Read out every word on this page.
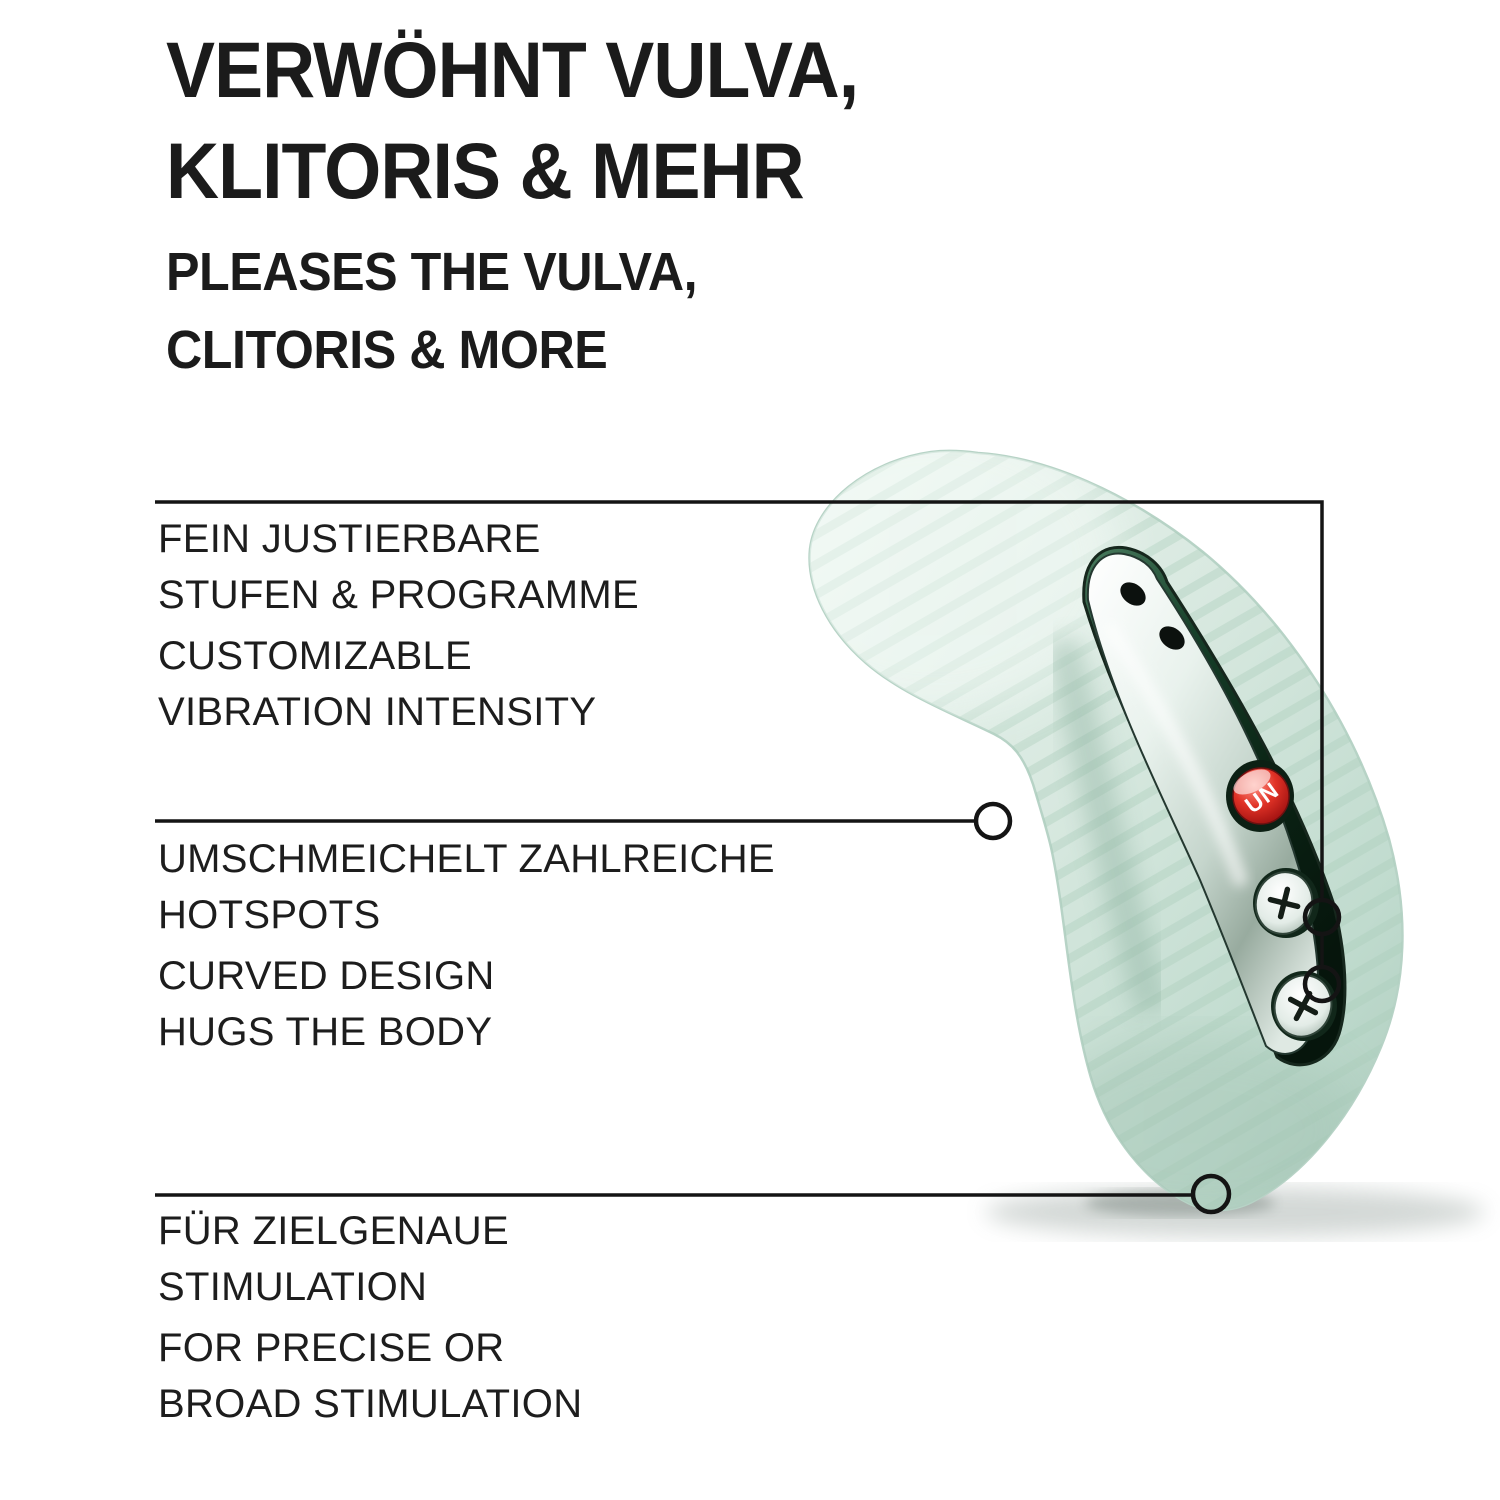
UN
VERWÖHNT VULVA,
KLITORIS & MEHR
PLEASES THE VULVA,
CLITORIS & MORE
FEIN JUSTIERBARE
STUFEN & PROGRAMME
CUSTOMIZABLE
VIBRATION INTENSITY
UMSCHMEICHELT ZAHLREICHE
HOTSPOTS
CURVED DESIGN
HUGS THE BODY
FÜR ZIELGENAUE
STIMULATION
FOR PRECISE OR
BROAD STIMULATION
